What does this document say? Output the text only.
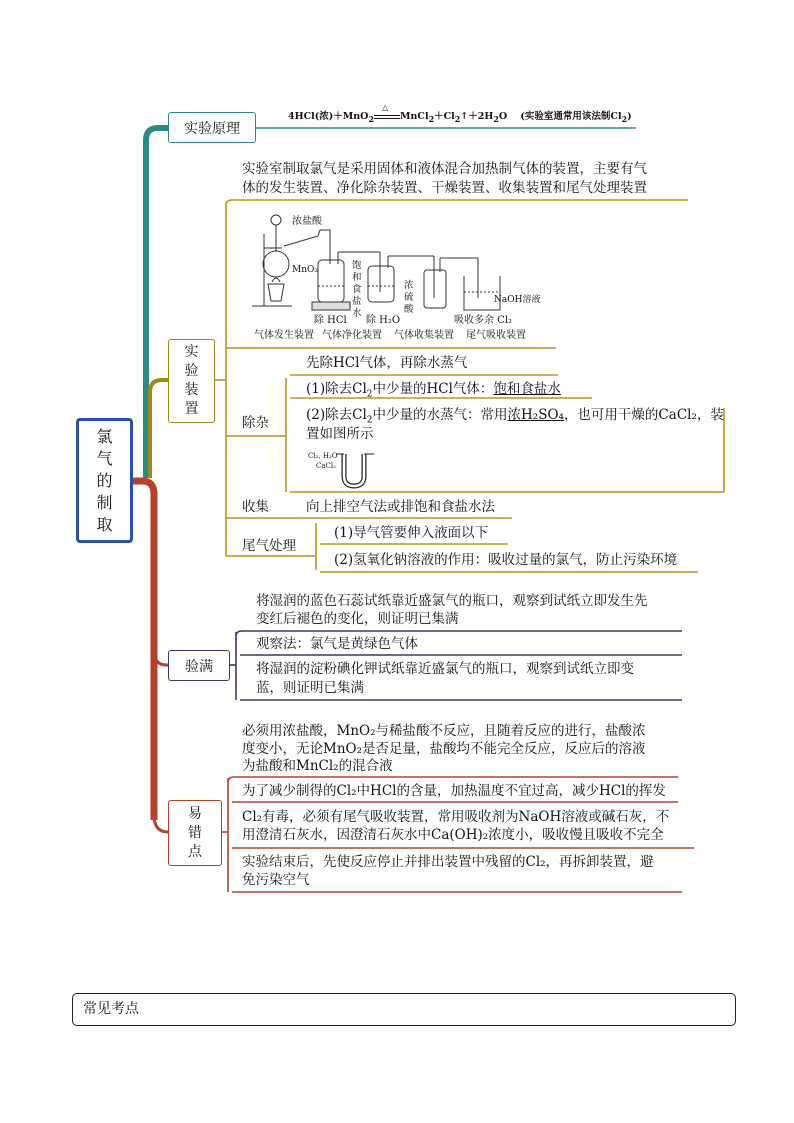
氯
气
的
制
取
实验原理
4HCl(浓)＋MnO$_2$
△
$MnCl_2+Cl_2↑+2H_2O$ (实验室通常用该法制$Cl_2$)
实
验
装
置
实验室制取氯气是采用固体和液体混合加热制气体的装置，主要有气
体的发生装置、净化除杂装置、干燥装置、收集装置和尾气处理装置
浓盐酸
MnO₂	饱 和 食 盐 水
浓 硫 酸
NaOH溶液
除 HCl 除 H₂O	吸收多余 Cl₂
气体发生装置 气体净化装置 气体收集装置 尾气吸收装置
先除HCl气体，再除水蒸气
除杂
(1)除去$Cl_2$中少量的HCl气体：饱和食盐水
(2)除去$Cl_2$中少量的水蒸气：常用浓H₂SO₄，也可用干燥的CaCl₂，装
置如图所示
Cl₂, H₂O
CaCl₂
收集	向上排空气法或排饱和食盐水法
尾气处理
(1)导气管要伸入液面以下
(2)氢氧化钠溶液的作用：吸收过量的氯气，防止污染环境
验满
将湿润的蓝色石蕊试纸靠近盛氯气的瓶口，观察到试纸立即发生先
变红后褪色的变化，则证明已集满
观察法：氯气是黄绿色气体
将湿润的淀粉碘化钾试纸靠近盛氯气的瓶口，观察到试纸立即变
蓝，则证明已集满
易
错
点
必须用浓盐酸，MnO₂与稀盐酸不反应，且随着反应的进行，盐酸浓
度变小，无论MnO₂是否足量，盐酸均不能完全反应，反应后的溶液
为盐酸和MnCl₂的混合液
为了减少制得的Cl₂中HCl的含量，加热温度不宜过高，减少HCl的挥发
Cl₂有毒，必须有尾气吸收装置，常用吸收剂为NaOH溶液或碱石灰，不
用澄清石灰水，因澄清石灰水中Ca(OH)₂浓度小，吸收慢且吸收不完全
实验结束后，先使反应停止并排出装置中残留的Cl₂，再拆卸装置，避
免污染空气
常见考点
